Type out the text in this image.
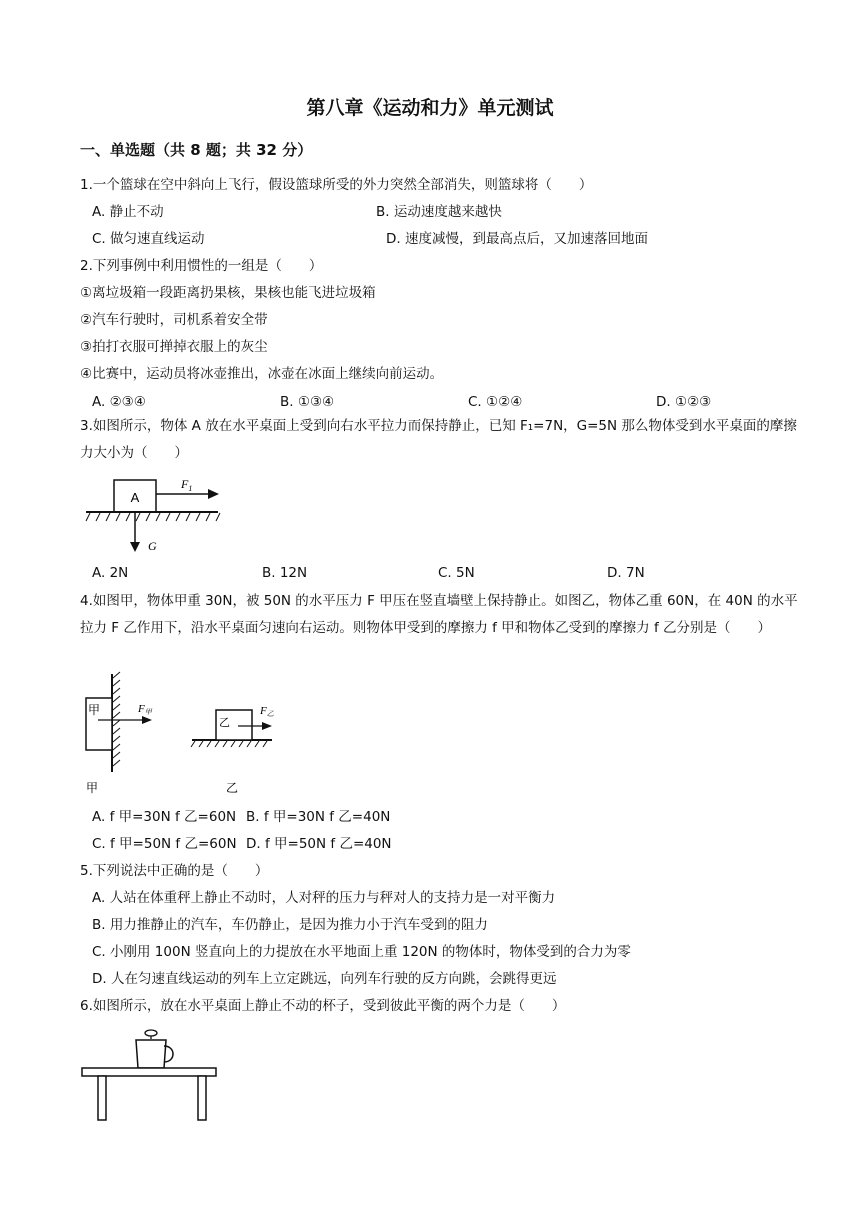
第八章《运动和力》单元测试
一、单选题（共 8 题；共 32 分）
1.一个篮球在空中斜向上飞行，假设篮球所受的外力突然全部消失，则篮球将（　　）
A. 静止不动	B. 运动速度越来越快
C. 做匀速直线运动	D. 速度减慢，到最高点后，又加速落回地面
2.下列事例中利用惯性的一组是（　　）
①离垃圾箱一段距离扔果核，果核也能飞进垃圾箱
②汽车行驶时，司机系着安全带
③拍打衣服可掸掉衣服上的灰尘
④比赛中，运动员将冰壶推出，冰壶在冰面上继续向前运动。
A. ②③④	B. ①③④	C. ①②④	D. ①②③
3.如图所示，物体 A 放在水平桌面上受到向右水平拉力而保持静止，已知 F₁=7N，G=5N 那么物体受到水平桌面的摩擦力大小为（　　）
A
$F_1$
G
A. 2N	B. 12N	C. 5N	D. 7N
4.如图甲，物体甲重 30N，被 50N 的水平压力 F 甲压在竖直墙壁上保持静止。如图乙，物体乙重 60N，在 40N 的水平拉力 F 乙作用下，沿水平桌面匀速向右运动。则物体甲受到的摩擦力 f 甲和物体乙受到的摩擦力 f 乙分别是（　　）
甲	F甲
乙
F乙
甲	乙
A. f 甲=30N f 乙=60N B. f 甲=30N f 乙=40N
C. f 甲=50N f 乙=60N D. f 甲=50N f 乙=40N
5.下列说法中正确的是（　　）
A. 人站在体重秤上静止不动时，人对秤的压力与秤对人的支持力是一对平衡力
B. 用力推静止的汽车，车仍静止，是因为推力小于汽车受到的阻力
C. 小刚用 100N 竖直向上的力提放在水平地面上重 120N 的物体时，物体受到的合力为零
D. 人在匀速直线运动的列车上立定跳远，向列车行驶的反方向跳，会跳得更远
6.如图所示，放在水平桌面上静止不动的杯子，受到彼此平衡的两个力是（　　）
